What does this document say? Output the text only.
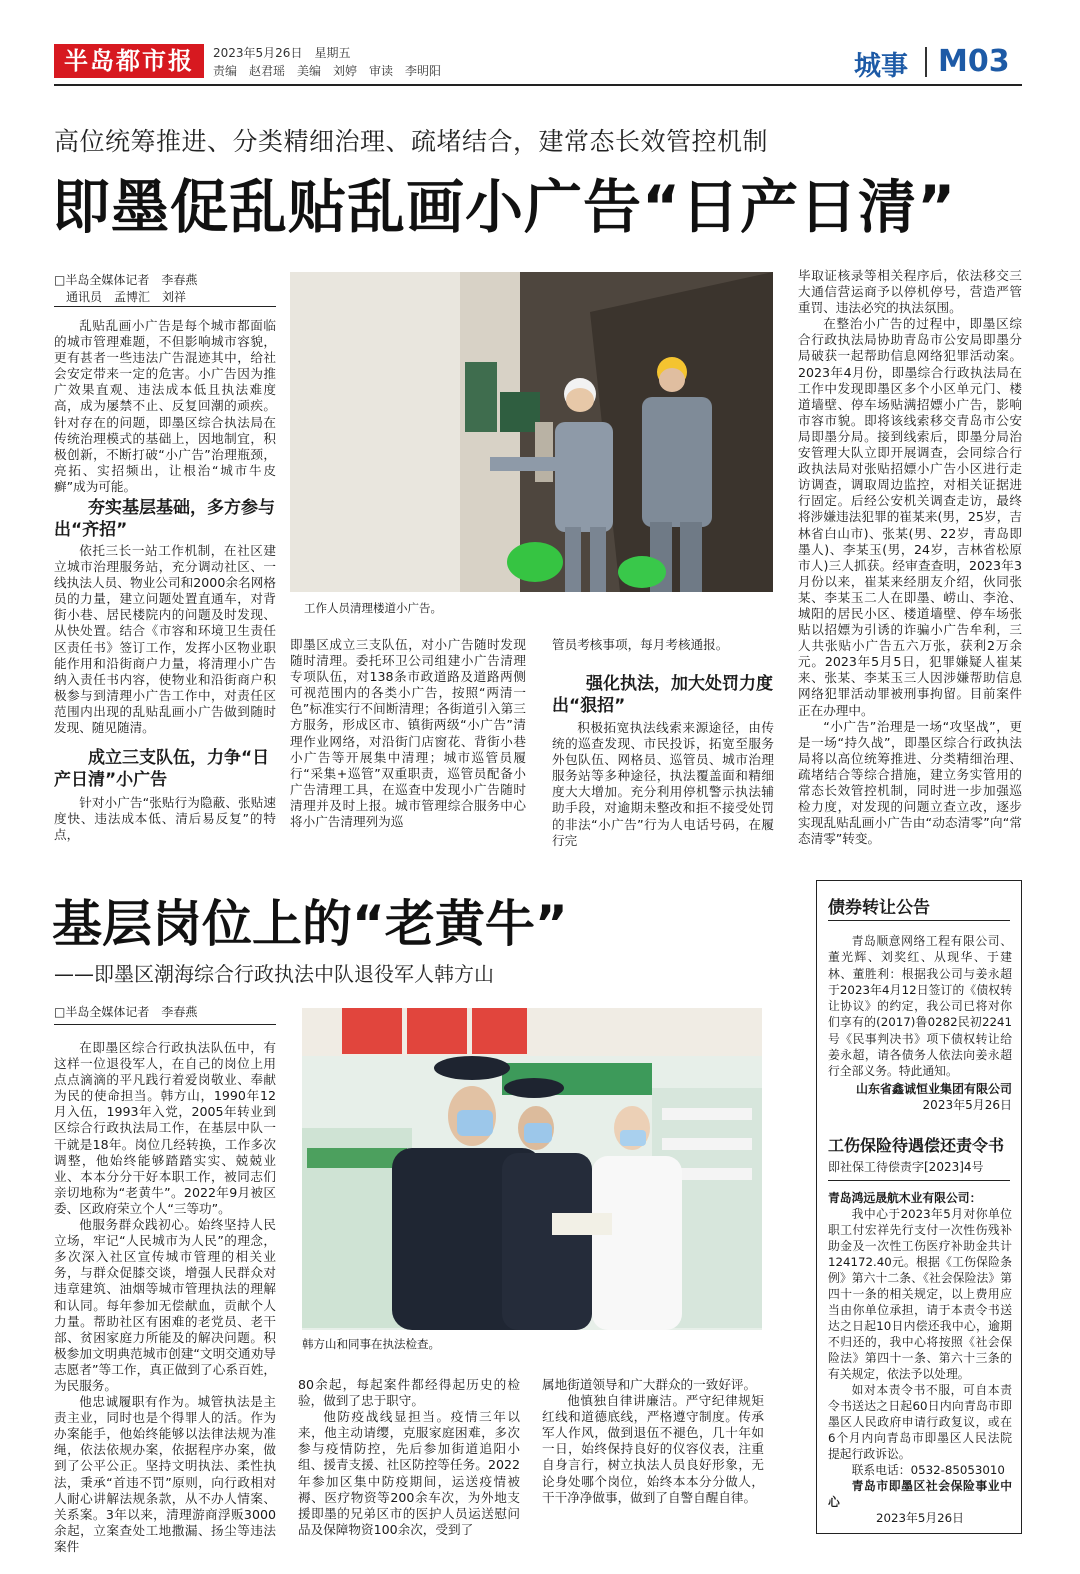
半岛都市报	2023年5月26日　星期五
责编　赵君瑶　美编　刘婷　审读　李明阳	城事 M03
高位统筹推进、分类精细治理、疏堵结合，建常态长效管控机制
即墨促乱贴乱画小广告“日产日清”
□半岛全媒体记者　李春燕
　通讯员　孟博汇　刘祥

乱贴乱画小广告是每个城市都面临的城市管理难题，不但影响城市容貌，更有甚者一些违法广告混迹其中，给社会安定带来一定的危害。小广告因为推广效果直观、违法成本低且执法难度高，成为屡禁不止、反复回潮的顽疾。针对存在的问题，即墨区综合执法局在传统治理模式的基础上，因地制宜，积极创新，不断打破“小广告”治理瓶颈，亮拓、实招频出，让根治“城市牛皮癣”成为可能。

夯实基层基础，多方参与出“齐招”

依托三长一站工作机制，在社区建立城市治理服务站，充分调动社区、一线执法人员、物业公司和2000余名网格员的力量，建立问题处置直通车，对背街小巷、居民楼院内的问题及时发现、从快处置。结合《市容和环境卫生责任区责任书》签订工作，发挥小区物业职能作用和沿街商户力量，将清理小广告纳入责任书内容，使物业和沿街商户积极参与到清理小广告工作中，对责任区范围内出现的乱贴乱画小广告做到随时发现、随见随清。

成立三支队伍，力争“日产日清”小广告

针对小广告“张贴行为隐蔽、张贴速度快、违法成本低、清后易反复”的特点，

工作人员清理楼道小广告。

即墨区成立三支队伍，对小广告随时发现随时清理。委托环卫公司组建小广告清理专项队伍，对138条市政道路及道路两侧可视范围内的各类小广告，按照“两清一色”标准实行不间断清理；各街道引入第三方服务，形成区市、镇街两级“小广告”清理作业网络，对沿街门店窗花、背街小巷小广告等开展集中清理；城市巡管员履行“采集+巡管”双重职责，巡管员配备小广告清理工具，在巡查中发现小广告随时清理并及时上报。城市管理综合服务中心将小广告清理列为巡

管员考核事项，每月考核通报。

强化执法，加大处罚力度出“狠招”

积极拓宽执法线索来源途径，由传统的巡查发现、市民投诉，拓宽至服务外包队伍、网格员、巡管员、城市治理服务站等多种途径，执法覆盖面和精细度大大增加。充分利用停机警示执法辅助手段，对逾期未整改和拒不接受处罚的非法“小广告”行为人电话号码，在履行完

毕取证核录等相关程序后，依法移交三大通信营运商予以停机停号，营造严管重罚、违法必究的执法氛围。

在整治小广告的过程中，即墨区综合行政执法局协助青岛市公安局即墨分局破获一起帮助信息网络犯罪活动案。2023年4月份，即墨综合行政执法局在工作中发现即墨区多个小区单元门、楼道墙壁、停车场贴满招嫖小广告，影响市容市貌。即将该线索移交青岛市公安局即墨分局。接到线索后，即墨分局治安管理大队立即开展调查，会同综合行政执法局对张贴招嫖小广告小区进行走访调查，调取周边监控，对相关证据进行固定。后经公安机关调查走访，最终将涉嫌违法犯罪的崔某来(男，25岁，吉林省白山市)、张某(男、22岁，青岛即墨人)、李某玉(男，24岁，吉林省松原市人)三人抓获。经审查查明，2023年3月份以来，崔某来经朋友介绍，伙同张某、李某玉二人在即墨、崂山、李沧、城阳的居民小区、楼道墙壁、停车场张贴以招嫖为引诱的诈骗小广告牟利，三人共张贴小广告五六万张，获利2万余元。2023年5月5日，犯罪嫌疑人崔某来、张某、李某玉三人因涉嫌帮助信息网络犯罪活动罪被刑事拘留。目前案件正在办理中。

“小广告”治理是一场“攻坚战”，更是一场“持久战”，即墨区综合行政执法局将以高位统筹推进、分类精细治理、疏堵结合等综合措施，建立务实管用的常态长效管控机制，同时进一步加强巡检力度，对发现的问题立查立改，逐步实现乱贴乱画小广告由“动态清零”向“常态清零”转变。

基层岗位上的“老黄牛”
——即墨区潮海综合行政执法中队退役军人韩方山
□半岛全媒体记者　李春燕

在即墨区综合行政执法队伍中，有这样一位退役军人，在自己的岗位上用点点滴滴的平凡践行着爱岗敬业、奉献为民的使命担当。韩方山，1990年12月入伍，1993年入党，2005年转业到区综合行政执法局工作，在基层中队一干就是18年。岗位几经转换，工作多次调整，他始终能够踏踏实实、兢兢业业、本本分分干好本职工作，被同志们亲切地称为“老黄牛”。2022年9月被区委、区政府荣立个人“三等功”。

他服务群众践初心。始终坚持人民立场，牢记“人民城市为人民”的理念，多次深入社区宣传城市管理的相关业务，与群众促膝交谈，增强人民群众对违章建筑、油烟等城市管理执法的理解和认同。每年参加无偿献血，贡献个人力量。帮助社区有困难的老党员、老干部、贫困家庭力所能及的解决问题。积极参加文明典范城市创建“文明交通劝导志愿者”等工作，真正做到了心系百姓，为民服务。

他忠诚履职有作为。城管执法是主责主业，同时也是个得罪人的活。作为办案能手，他始终能够以法律法规为准绳，依法依规办案，依据程序办案，做到了公平公正。坚持文明执法、柔性执法，秉承“首违不罚”原则，向行政相对人耐心讲解法规条款，从不办人情案、关系案。3年以来，清理游商浮贩3000余起，立案查处工地撒漏、扬尘等违法案件

韩方山和同事在执法检查。

80余起，每起案件都经得起历史的检验，做到了忠于职守。

他防疫战线显担当。疫情三年以来，他主动请缨，克服家庭困难，多次参与疫情防控，先后参加街道追阳小组、援青支援、社区防控等任务。2022年参加区集中防疫期间，运送疫情被褥、医疗物资等200余车次，为外地支援即墨的兄弟区市的医护人员运送慰问品及保障物资100余次，受到了

属地街道领导和广大群众的一致好评。

他慎独自律讲廉洁。严守纪律规矩红线和道德底线，严格遵守制度。传承军人作风，做到退伍不褪色，几十年如一日，始终保持良好的仪容仪表，注重自身言行，树立执法人员良好形象，无论身处哪个岗位，始终本本分分做人，干干净净做事，做到了自警自醒自律。

债券转让公告

青岛顺意网络工程有限公司、董光辉、刘奖红、从现华、于建林、董胜利：根据我公司与姜永超于2023年4月12日签订的《债权转让协议》的约定，我公司已将对你们享有的(2017)鲁0282民初2241号《民事判决书》项下债权转让给姜永超，请各债务人依法向姜永超行全部义务。特此通知。

山东省鑫诚恒业集团有限公司
2023年5月26日
工伤保险待遇偿还责令书
即社保工待偿责字[2023]4号

青岛鸿远晟航木业有限公司：

我中心于2023年5月对你单位职工付宏祥先行支付一次性伤残补助金及一次性工伤医疗补助金共计124172.40元。根据《工伤保险条例》第六十二条、《社会保险法》第四十一条的相关规定，以上费用应当由你单位承担，请于本责令书送达之日起10日内偿还我中心，逾期不归还的，我中心将按照《社会保险法》第四十一条、第六十三条的有关规定，依法予以处理。

如对本责令书不服，可自本责令书送达之日起60日内向青岛市即墨区人民政府申请行政复议，或在6个月内向青岛市即墨区人民法院提起行政诉讼。

联系电话：0532-85053010

青岛市即墨区社会保险事业中心

2023年5月26日
